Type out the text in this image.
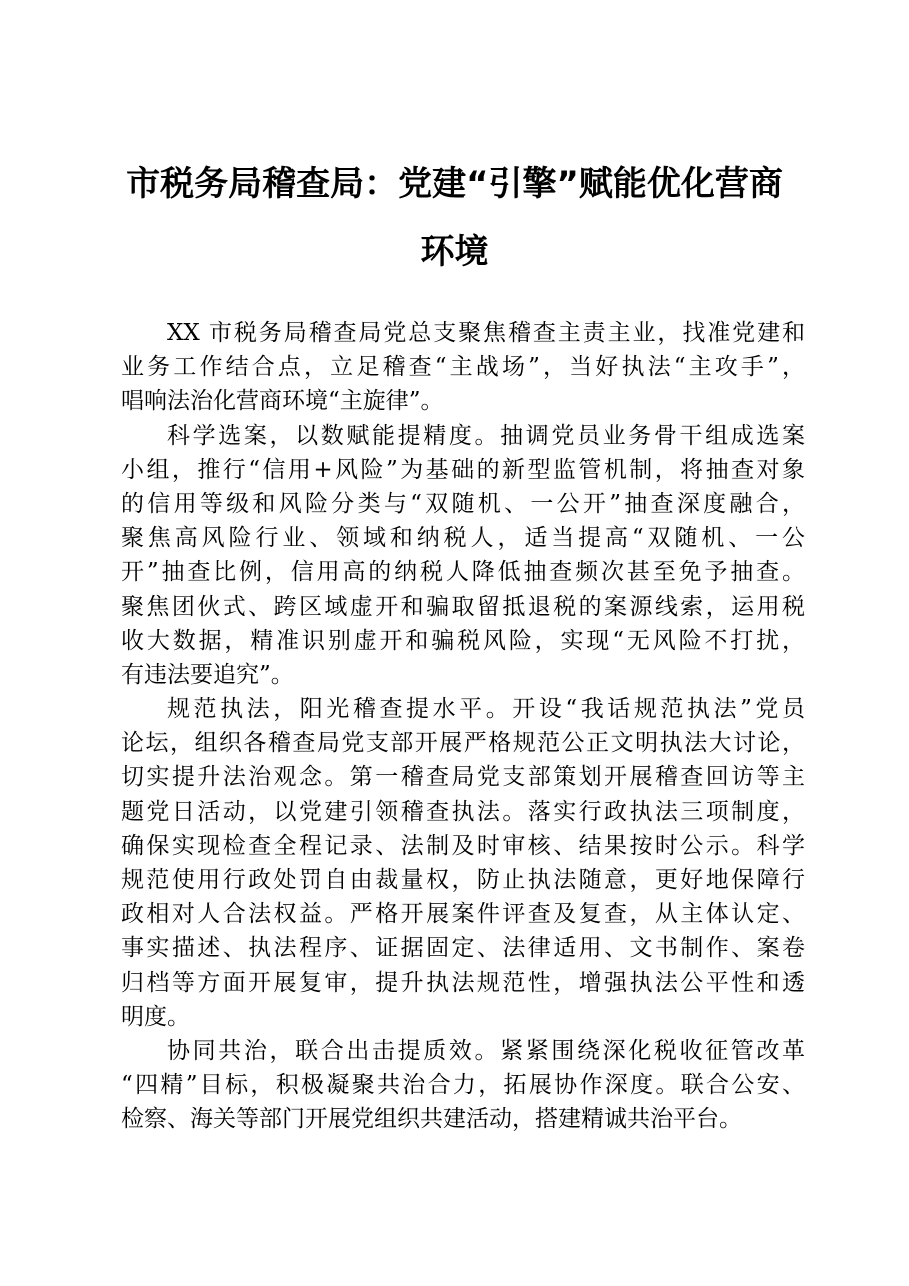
市税务局稽查局：党建“引擎”赋能优化营商
环境
XX 市税务局稽查局党总支聚焦稽查主责主业，找准党建和
业务工作结合点，立足稽查“主战场”，当好执法“主攻手”，
唱响法治化营商环境“主旋律”。
科学选案，以数赋能提精度。抽调党员业务骨干组成选案
小组，推行“信用+风险”为基础的新型监管机制，将抽查对象
的信用等级和风险分类与“双随机、一公开”抽查深度融合，
聚焦高风险行业、领域和纳税人，适当提高“双随机、一公
开”抽查比例，信用高的纳税人降低抽查频次甚至免予抽查。
聚焦团伙式、跨区域虚开和骗取留抵退税的案源线索，运用税
收大数据，精准识别虚开和骗税风险，实现“无风险不打扰，
有违法要追究”。
规范执法，阳光稽查提水平。开设“我话规范执法”党员
论坛，组织各稽查局党支部开展严格规范公正文明执法大讨论，
切实提升法治观念。第一稽查局党支部策划开展稽查回访等主
题党日活动，以党建引领稽查执法。落实行政执法三项制度，
确保实现检查全程记录、法制及时审核、结果按时公示。科学
规范使用行政处罚自由裁量权，防止执法随意，更好地保障行
政相对人合法权益。严格开展案件评查及复查，从主体认定、
事实描述、执法程序、证据固定、法律适用、文书制作、案卷
归档等方面开展复审，提升执法规范性，增强执法公平性和透
明度。
协同共治，联合出击提质效。紧紧围绕深化税收征管改革
“四精”目标，积极凝聚共治合力，拓展协作深度。联合公安、
检察、海关等部门开展党组织共建活动，搭建精诚共治平台。
